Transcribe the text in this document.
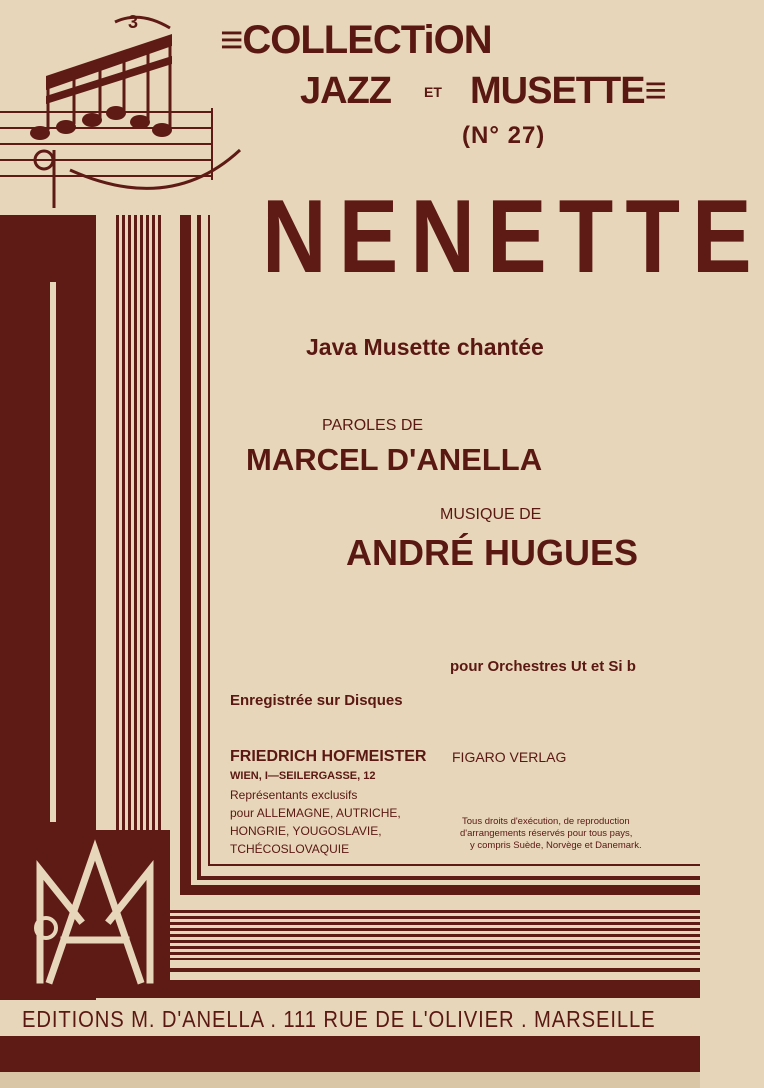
3 ≡COLLECTiON
JAZZ ET MUSETTE≡
(N° 27)
NENETTE
Java Musette chantée
PAROLES DE
MARCEL D'ANELLA
MUSIQUE DE
ANDRÉ HUGUES
pour Orchestres Ut et Si b
Enregistrée sur Disques
FRIEDRICH HOFMEISTER FIGARO VERLAG
WIEN, I—SEILERGASSE, 12
Représentants exclusifs
pour ALLEMAGNE, AUTRICHE,
HONGRIE, YOUGOSLAVIE,
TCHÉCOSLOVAQUIE
Tous droits d'exécution, de reproduction
d'arrangements réservés pour tous pays,
y compris Suède, Norvège et Danemark.
EDITIONS M. D'ANELLA . 111 RUE DE L'OLIVIER . MARSEILLE
